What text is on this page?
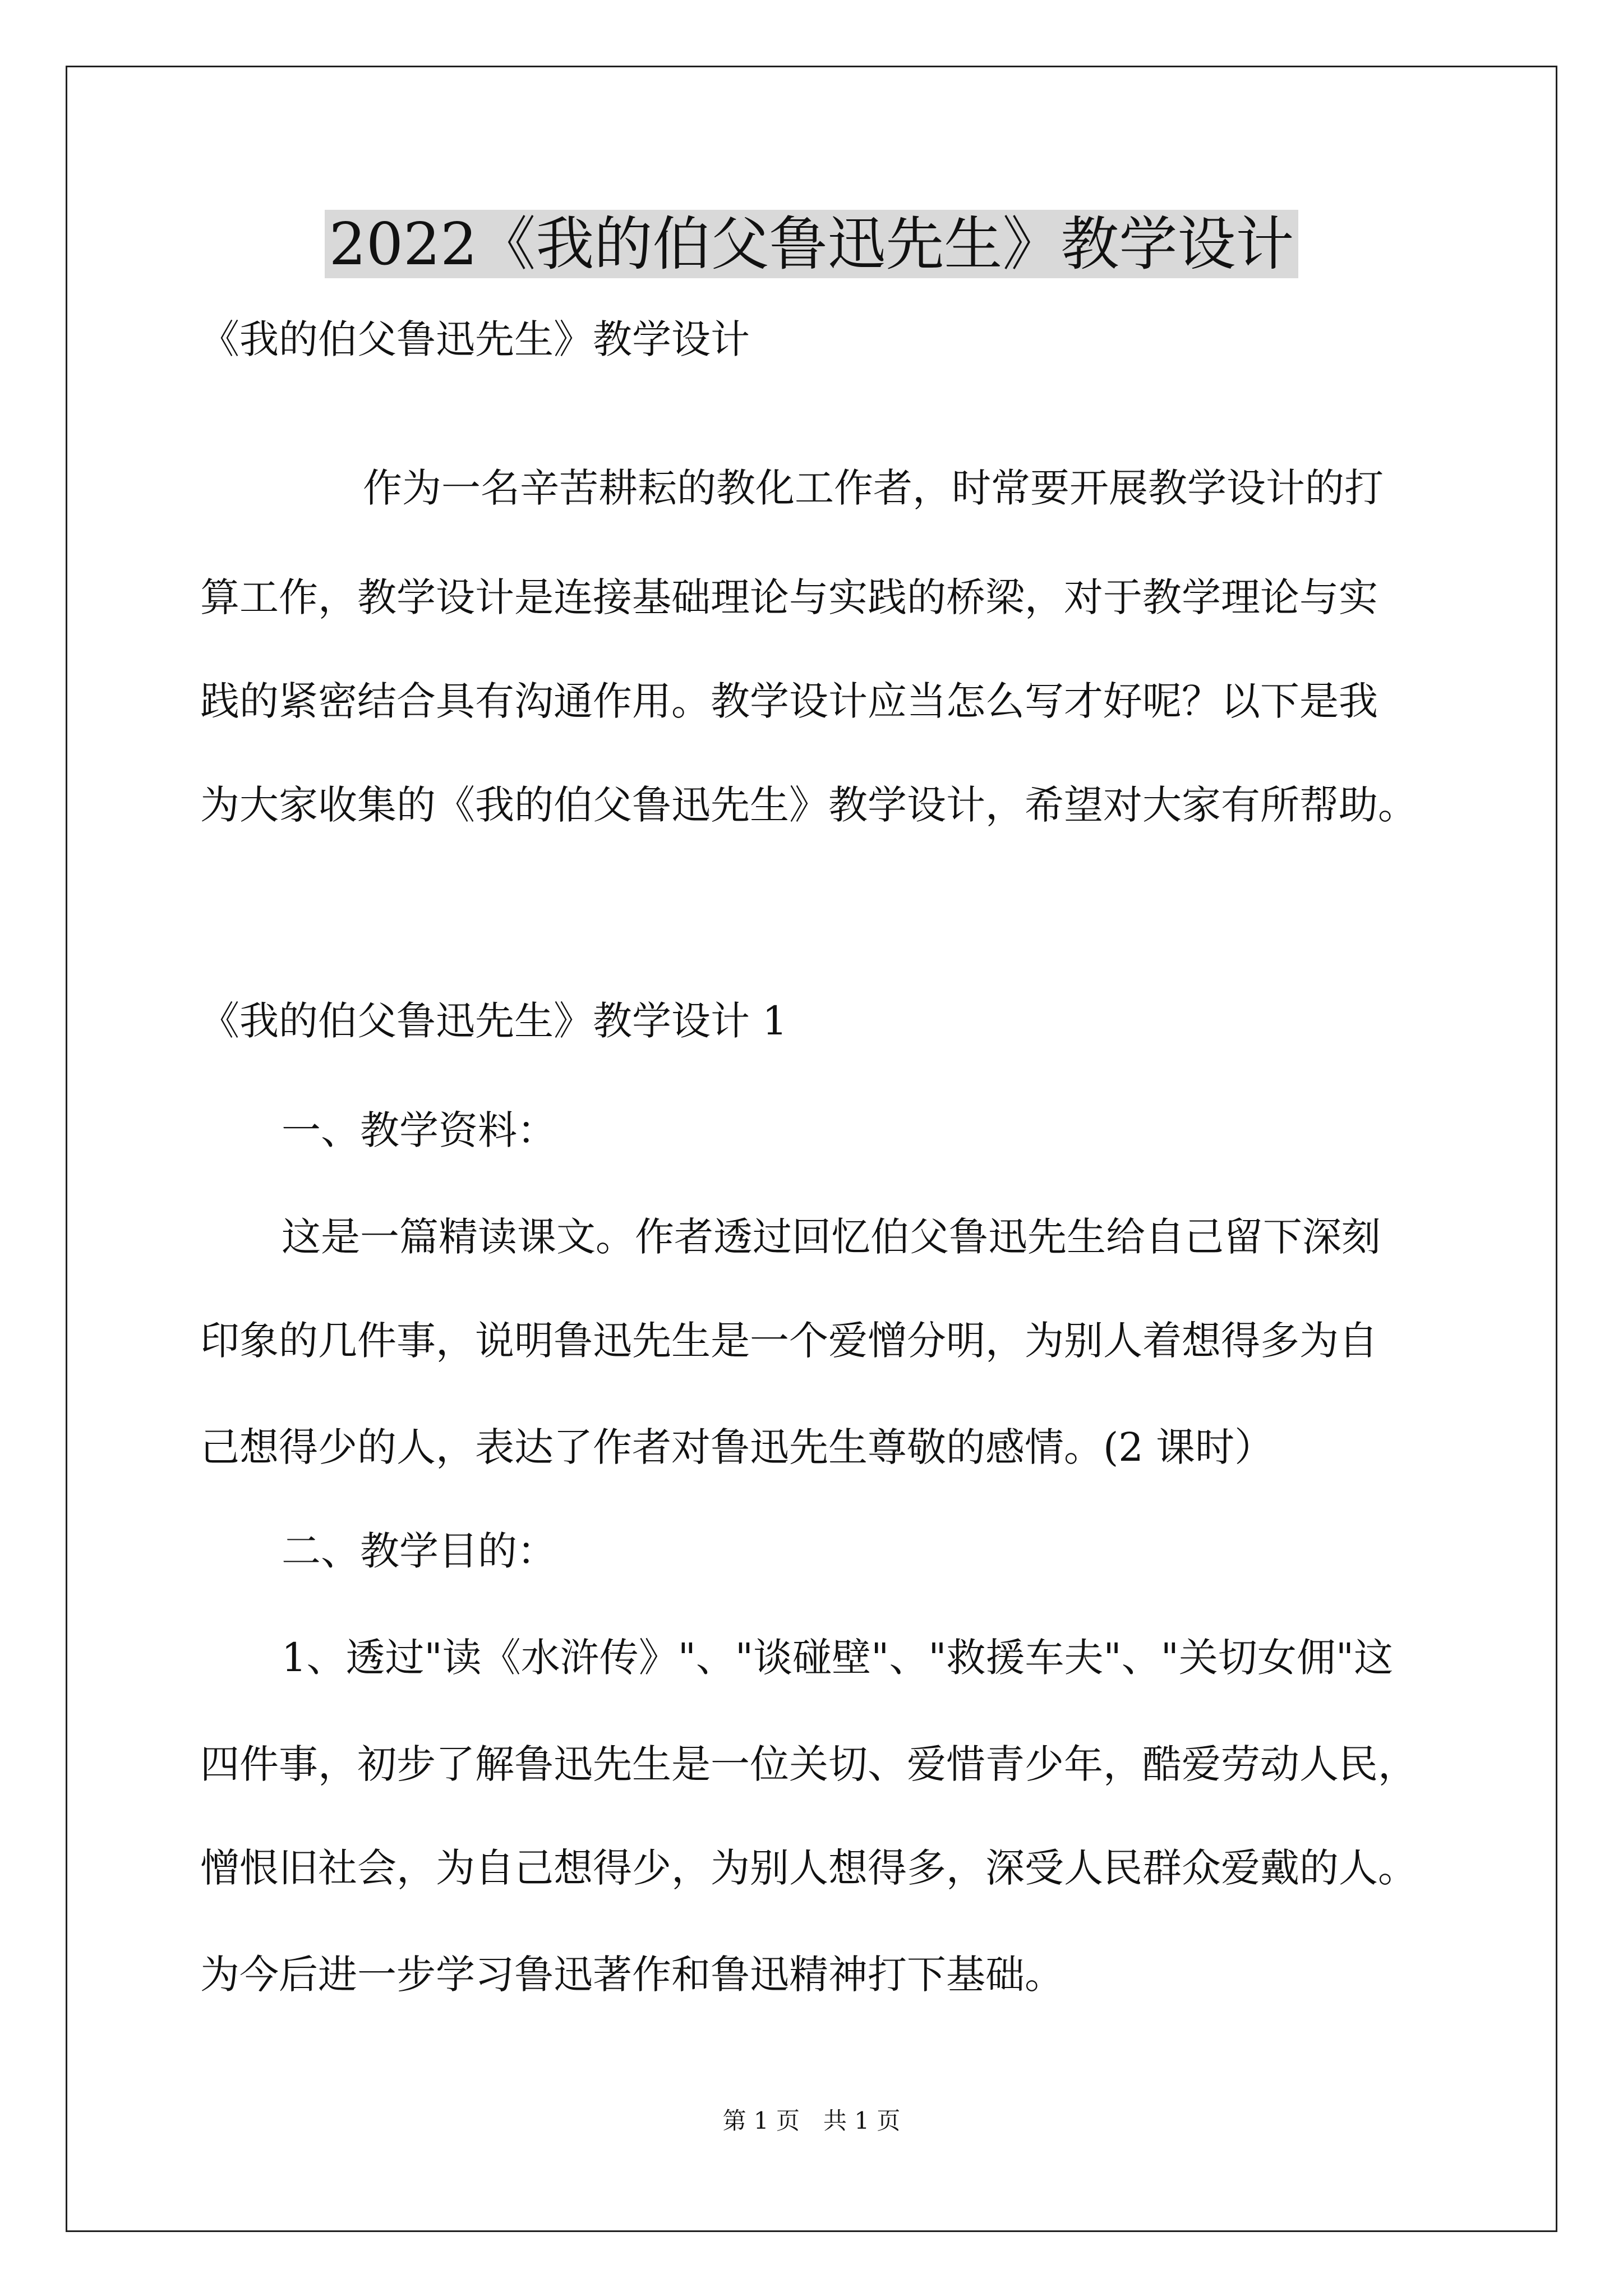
2022《我的伯父鲁迅先生》教学设计

《我的伯父鲁迅先生》教学设计

作为一名辛苦耕耘的教化工作者，时常要开展教学设计的打

算工作，教学设计是连接基础理论与实践的桥梁，对于教学理论与实

践的紧密结合具有沟通作用。教学设计应当怎么写才好呢？以下是我

为大家收集的《我的伯父鲁迅先生》教学设计，希望对大家有所帮助。

《我的伯父鲁迅先生》教学设计 1

一、教学资料：

这是一篇精读课文。作者透过回忆伯父鲁迅先生给自己留下深刻

印象的几件事，说明鲁迅先生是一个爱憎分明，为别人着想得多为自

己想得少的人，表达了作者对鲁迅先生尊敬的感情。(2 课时）

二、教学目的：

1、透过"读《水浒传》"、"谈碰壁"、"救援车夫"、"关切女佣"这

四件事，初步了解鲁迅先生是一位关切、爱惜青少年，酷爱劳动人民，

憎恨旧社会，为自己想得少，为别人想得多，深受人民群众爱戴的人。

为今后进一步学习鲁迅著作和鲁迅精神打下基础。

第 1 页　共 1 页
